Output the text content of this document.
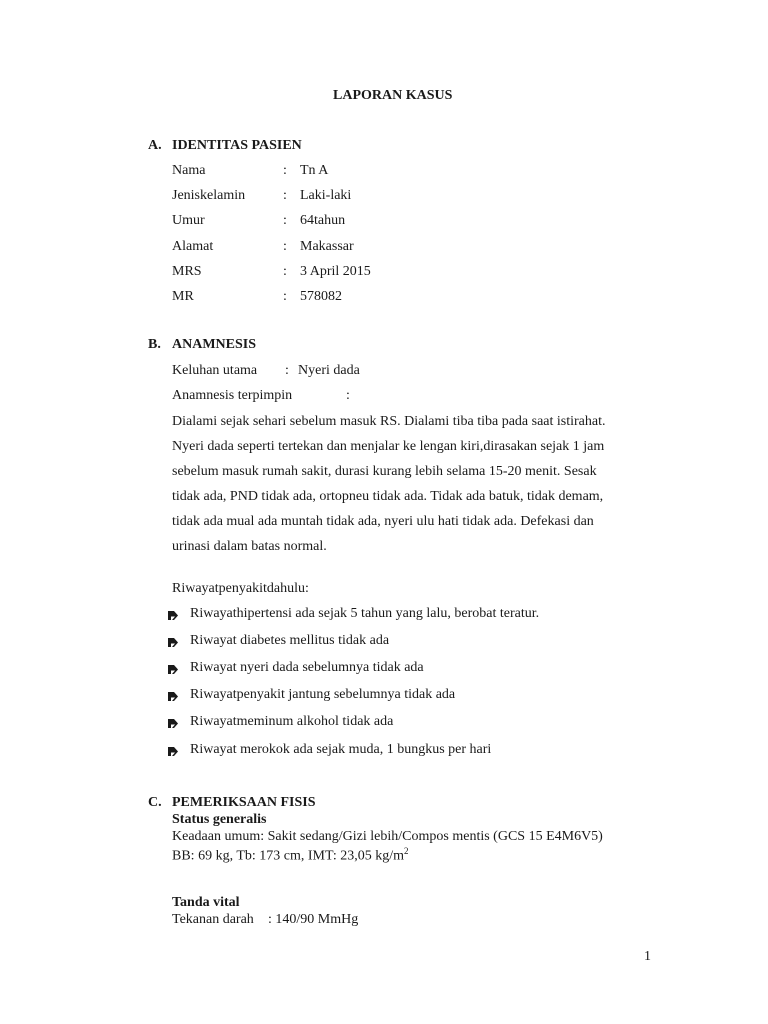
LAPORAN KASUS
A. IDENTITAS PASIEN
Nama	: Tn A
Jeniskelamin	: Laki-laki
Umur	: 64tahun
Alamat	: Makassar
MRS	: 3 April 2015
MR	: 578082
B. ANAMNESIS
Keluhan utama : Nyeri dada
Anamnesis terpimpin	:
Dialami sejak sehari sebelum masuk RS. Dialami tiba tiba pada saat istirahat.
Nyeri dada seperti tertekan dan menjalar ke lengan kiri,dirasakan sejak 1 jam
sebelum masuk rumah sakit, durasi kurang lebih selama 15-20 menit. Sesak
tidak ada, PND tidak ada, ortopneu tidak ada. Tidak ada batuk, tidak demam,
tidak ada mual ada muntah tidak ada, nyeri ulu hati tidak ada. Defekasi dan
urinasi dalam batas normal.
Riwayatpenyakitdahulu:
Riwayathipertensi ada sejak 5 tahun yang lalu, berobat teratur.
Riwayat diabetes mellitus tidak ada
Riwayat nyeri dada sebelumnya tidak ada
Riwayatpenyakit jantung sebelumnya tidak ada
Riwayatmeminum alkohol tidak ada
Riwayat merokok ada sejak muda, 1 bungkus per hari
C. PEMERIKSAAN FISIS
Status generalis
Keadaan umum: Sakit sedang/Gizi lebih/Compos mentis (GCS 15 E4M6V5)
BB: 69 kg, Tb: 173 cm, IMT: 23,05 $kg/m^2$
Tanda vital
Tekanan darah : 140/90 MmHg
1
